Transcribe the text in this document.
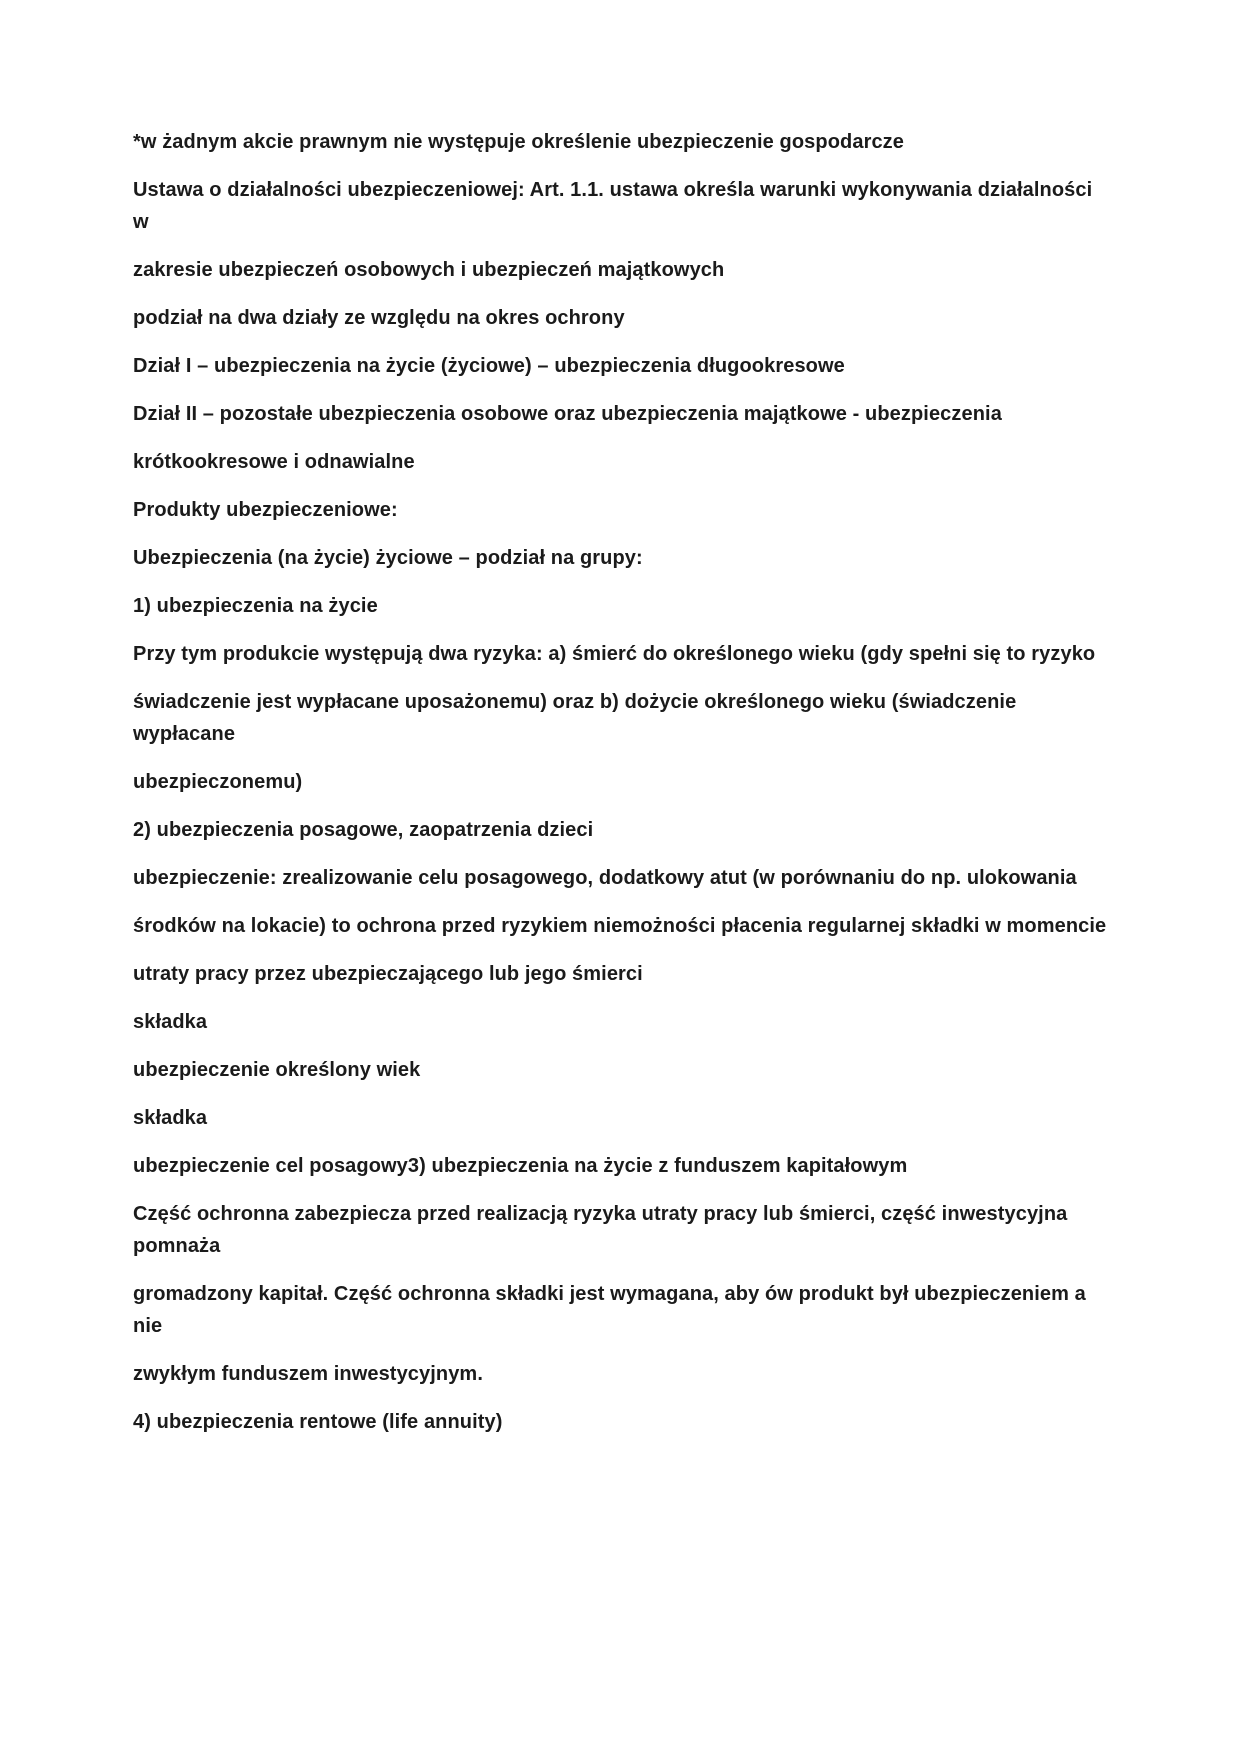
*w żadnym akcie prawnym nie występuje określenie ubezpieczenie gospodarcze
Ustawa o działalności ubezpieczeniowej: Art. 1.1. ustawa określa warunki wykonywania działalności
w
zakresie ubezpieczeń osobowych i ubezpieczeń majątkowych
podział na dwa działy ze względu na okres ochrony
Dział I – ubezpieczenia na życie (życiowe) – ubezpieczenia długookresowe
Dział II – pozostałe ubezpieczenia osobowe oraz ubezpieczenia majątkowe - ubezpieczenia
krótkookresowe i odnawialne
Produkty ubezpieczeniowe:
Ubezpieczenia (na życie) życiowe – podział na grupy:
1) ubezpieczenia na życie
Przy tym produkcie występują dwa ryzyka: a) śmierć do określonego wieku (gdy spełni się to ryzyko
świadczenie jest wypłacane uposażonemu) oraz b) dożycie określonego wieku (świadczenie
wypłacane
ubezpieczonemu)
2) ubezpieczenia posagowe, zaopatrzenia dzieci
ubezpieczenie: zrealizowanie celu posagowego, dodatkowy atut (w porównaniu do np. ulokowania
środków na lokacie) to ochrona przed ryzykiem niemożności płacenia regularnej składki w momencie
utraty pracy przez ubezpieczającego lub jego śmierci
składka
ubezpieczenie określony wiek
składka
ubezpieczenie cel posagowy3) ubezpieczenia na życie z funduszem kapitałowym
Część ochronna zabezpiecza przed realizacją ryzyka utraty pracy lub śmierci, część inwestycyjna
pomnaża
gromadzony kapitał. Część ochronna składki jest wymagana, aby ów produkt był ubezpieczeniem a
nie
zwykłym funduszem inwestycyjnym.
4) ubezpieczenia rentowe (life annuity)
